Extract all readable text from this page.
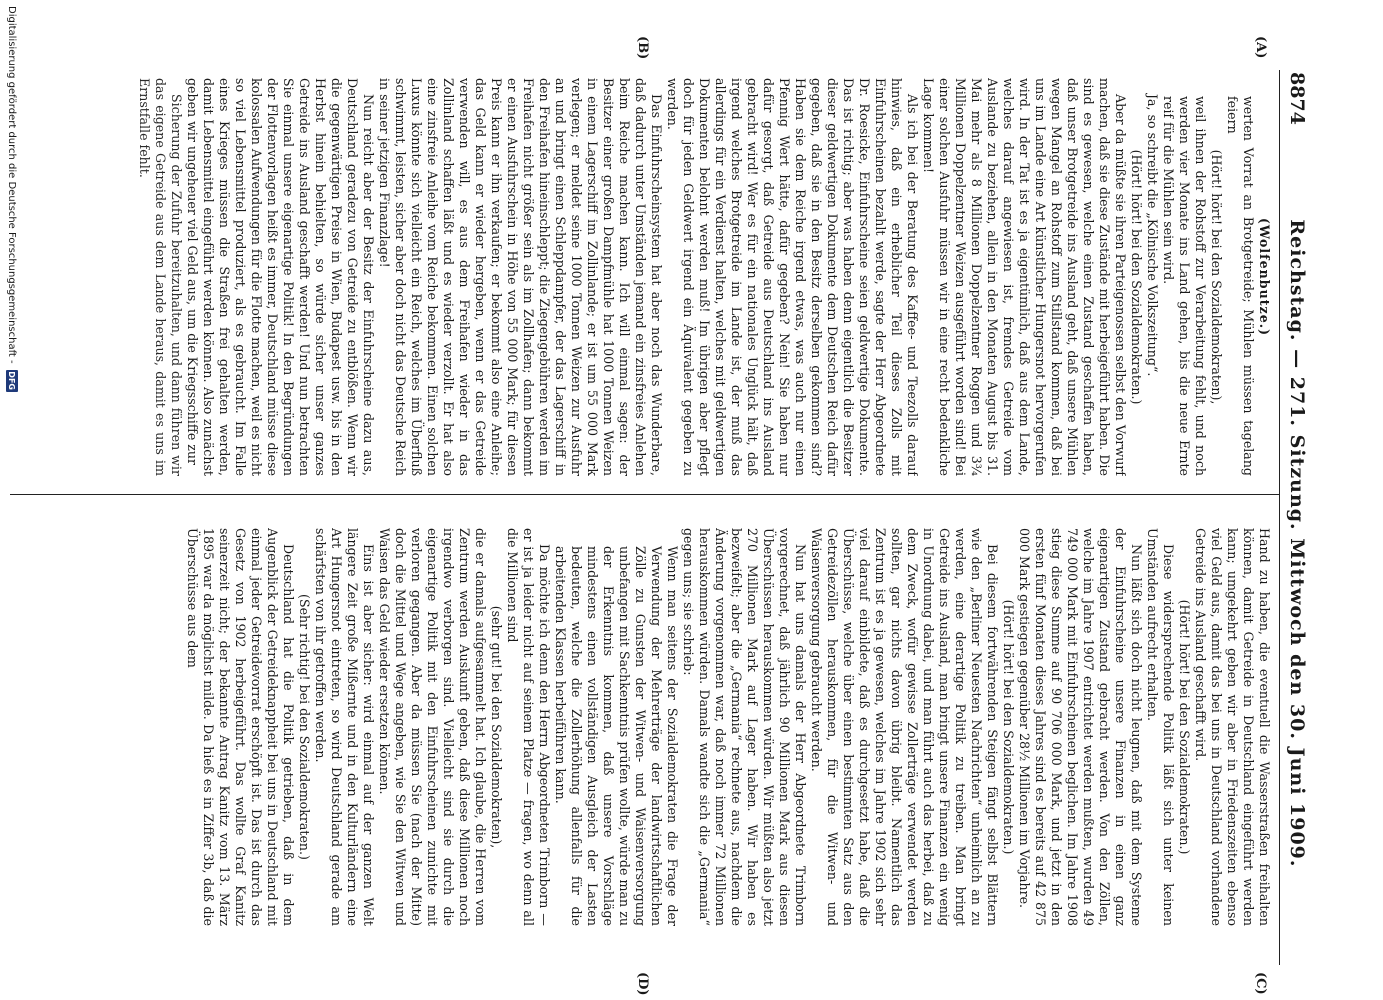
8874
Reichstag. — 271. Sitzung. Mittwoch den 30. Juni 1909.
(A)
(B)
(C)
(D)

(Wolfenbutze.)

werten Vorrat an Brotgetreide; Mühlen müssen tagelang feiern

(Hört! hört! bei den Sozialdemokraten),

weil ihnen der Rohstoff zur Verarbeitung fehlt, und noch werden vier Monate ins Land gehen, bis die neue Ernte reif für die Mühlen sein wird.

Ja, so schreibt die „Kölnische Volkszeitung“.

(Hört! hört! bei den Sozialdemokraten.)

Aber da müßte sie ihren Parteigenossen selbst den Vorwurf machen, daß sie diese Zustände mit herbeigeführt haben. Die sind es gewesen, welche einen Zustand geschaffen haben, daß unser Brotgetreide ins Ausland geht, daß unsere Mühlen wegen Mangel an Rohstoff zum Stillstand kommen, daß bei uns im Lande eine Art künstlicher Hungersnot hervorgerufen wird. In der Tat ist es ja eigentümlich, daß aus dem Lande, welches darauf angewiesen ist, fremdes Getreide vom Auslande zu beziehen, allein in den Monaten August bis 31. Mai mehr als 8 Millionen Doppelzentner Roggen und 3¾ Millionen Doppelzentner Weizen ausgeführt worden sind! Bei einer solchen Ausfuhr müssen wir in eine recht bedenkliche Lage kommen!

Als ich bei der Beratung des Kaffee- und Teezolls darauf hinwies, daß ein erheblicher Teil dieses Zolls mit Einfuhrscheinen bezahlt werde, sagte der Herr Abgeordnete Dr. Roesicke, Einfuhrscheine seien geldwertige Dokumente. Das ist richtig; aber was haben denn eigentlich die Besitzer dieser geldwertigen Dokumente dem Deutschen Reich dafür gegeben, daß sie in den Besitz derselben gekommen sind? Haben sie dem Reiche irgend etwas, was auch nur einen Pfennig Wert hätte, dafür gegeben? Nein! Sie haben nur dafür gesorgt, daß Getreide aus Deutschland ins Ausland gebracht wird! Wer es für ein nationales Unglück hält, daß irgend welches Brotgetreide im Lande ist, der muß das allerdings für ein Verdienst halten, welches mit geldwertigen Dokumenten belohnt werden muß! Im übrigen aber pflegt doch für jeden Geldwert irgend ein Äquivalent gegeben zu werden.

Das Einfuhrscheinsystem hat aber noch das Wunderbare, daß dadurch unter Umständen jemand ein zinsfreies Anlehen beim Reiche machen kann. Ich will einmal sagen: der Besitzer einer großen Dampfmühle hat 1000 Tonnen Weizen in einem Lagerschiff im Zollinlande; er ist um 55 000 Mark verlegen; er meldet seine 1000 Tonnen Weizen zur Ausfuhr an und bringt einen Schleppdampfer, der das Lagerschiff in den Freihafen hineinschleppt; die Ziegengebühren werden im Freihafen nicht größer sein als im Zollhafen; dann bekommt er einen Ausfuhrschein in Höhe von 55 000 Mark; für diesen Preis kann er ihn verkaufen; er bekommt also eine Anleihe; das Geld kann er wieder hergeben, wenn er das Getreide verwenden will, es aus dem Freihafen wieder in das Zollinland schaffen läßt und es wieder verzollt. Er hat also eine zinsfreie Anleihe vom Reiche bekommen. Einen solchen Luxus könnte sich vielleicht ein Reich, welches im Überfluß schwimmt, leisten, sicher aber doch nicht das Deutsche Reich in seiner jetzigen Finanzlage!

Nun reicht aber der Besitz der Einfuhrscheine dazu aus, Deutschland geradezu von Getreide zu entblößen. Wenn wir die gegenwärtigen Preise in Wien, Budapest usw. bis in den Herbst hinein behielten, so würde sicher unser ganzes Getreide ins Ausland geschafft werden! Und nun betrachten Sie einmal unsere eigenartige Politik! In den Begründungen der Flottenvorlagen heißt es immer, Deutschland müsse diese kolossalen Aufwendungen für die Flotte machen, weil es nicht so viel Lebensmittel produziert, als es gebraucht. Im Falle eines Krieges müssen die Straßen frei gehalten werden, damit Lebensmittel eingeführt werden können. Also zunächst geben wir ungeheuer viel Geld aus, um die Kriegsschiffe zur

Sicherung der Zufuhr bereitzuhalten, und dann führen wir das eigene Getreide aus dem Lande heraus, damit es uns im Ernstfalle fehlt.

Hand zu haben, die eventuell die Wasserstraßen freihalten können, damit Getreide in Deutschland eingeführt werden kann; umgekehrt geben wir aber in Friedenszeiten ebenso viel Geld aus, damit das bei uns in Deutschland vorhandene Getreide ins Ausland geschafft wird.

(Hört! hört! bei den Sozialdemokraten.)

Diese widersprechende Politik läßt sich unter keinen Umständen aufrecht erhalten.

Nun läßt sich doch nicht leugnen, daß mit dem Systeme der Einfuhrscheine unsere Finanzen in einen ganz eigenartigen Zustand gebracht werden. Von den Zöllen, welche im Jahre 1907 entrichtet werden mußten, wurden 49 749 000 Mark mit Einfuhrscheinen beglichen. Im Jahre 1908 stieg diese Summe auf 90 706 000 Mark, und jetzt in den ersten fünf Monaten dieses Jahres sind es bereits auf 42 875 000 Mark gestiegen gegenüber 28½ Millionen im Vorjahre.

(Hört! hört! bei den Sozialdemokraten.)

Bei diesem fortwährenden Steigen fängt selbst Blättern wie den „Berliner Neuesten Nachrichten“ unheimlich an zu werden, eine derartige Politik zu treiben. Man bringt Getreide ins Ausland, man bringt unsere Finanzen ein wenig in Unordnung dabei, und man führt auch das herbei, daß zu dem Zweck, wofür gewisse Zollerträge verwendet werden sollten, gar nichts davon übrig bleibt. Namentlich das Zentrum ist es ja gewesen, welches im Jahre 1902 sich sehr viel darauf einbildete, daß es durchgesetzt habe, daß die Überschüsse, welche über einen bestimmten Satz aus den Getreidezöllen herauskommen, für die Witwen- und Waisenversorgung gebraucht werden.

Nun hat uns damals der Herr Abgeordnete Trimborn vorgerechnet, daß jährlich 90 Millionen Mark aus diesen Überschüssen herauskommen würden. Wir müßten also jetzt 270 Millionen Mark auf Lager haben. Wir haben es bezweifelt; aber die „Germania“ rechnete aus, nachdem die Änderung vorgenommen war, daß noch immer 72 Millionen herauskommen würden. Damals wandte sich die „Germania“ gegen uns; sie schrieb:

Wenn man seitens der Sozialdemokraten die Frage der Verwendung der Mehrerträge der landwirtschaftlichen Zölle zu Gunsten der Witwen- und Waisenversorgung unbefangen mit Sachkenntnis prüfen wollte, würde man zu der Erkenntnis kommen, daß unsere Vorschläge mindestens einen vollständigen Ausgleich der Lasten bedeuten, welche die Zollerhöhung allenfalls für die arbeitenden Klassen herbeiführen kann.

Da möchte ich denn den Herrn Abgeordneten Trimborn — er ist ja leider nicht auf seinem Platze — fragen, wo denn all die Millionen sind

(sehr gut! bei den Sozialdemokraten),

die er damals aufgesammelt hat. Ich glaube, die Herren vom Zentrum werden Auskunft geben, daß diese Millionen noch irgendwo verborgen sind. Vielleicht sind sie durch die eigenartige Politik mit den Einfuhrscheinen zunichte mit verloren gegangen. Aber da müssen Sie (nach der Mitte) doch die Mittel und Wege angeben, wie Sie den Witwen und Waisen das Geld wieder ersetzen können.

Eins ist aber sicher: wird einmal auf der ganzen Welt längere Zeit große Mißernte und in den Kulturländern eine Art Hungersnot eintreten, so wird Deutschland gerade am schärfsten von ihr getroffen werden.

(Sehr richtig! bei den Sozialdemokraten.)

Deutschland hat die Politik getrieben, daß in dem Augenblick der Getreideknappheit bei uns in Deutschland mit einmal jeder Getreidevorrat erschöpft ist. Das ist durch das Gesetz von 1902 herbeigeführt. Das wollte Graf Kanitz seinerzeit nicht; der bekannte Antrag Kanitz vom 13. März 1895 war da möglichst milde. Da hieß es in Ziffer 3b, daß die Überschüsse aus dem

Digitalisierung gefördert durch die Deutsche Forschungsgemeinschaft -
DFG
